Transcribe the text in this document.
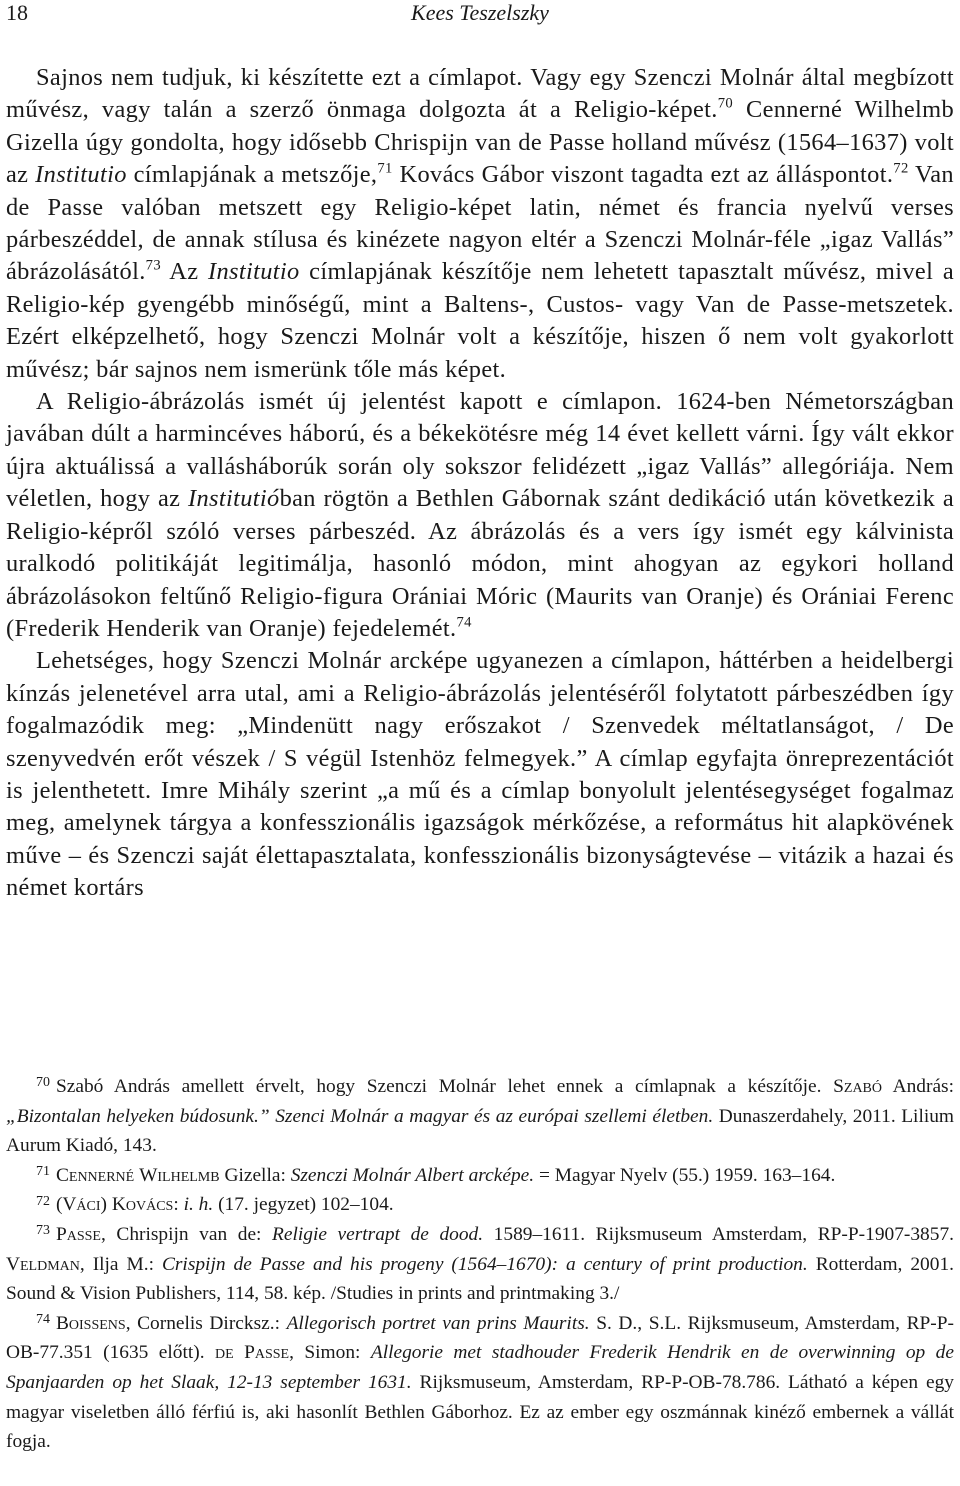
18	Kees Teszelszky

Sajnos nem tudjuk, ki készítette ezt a címlapot. Vagy egy Szenczi Molnár által megbízott művész, vagy talán a szerző önmaga dolgozta át a Religio-képet.$^{70}$ Cennerné Wilhelmb Gizella úgy gondolta, hogy idősebb Chrispijn van de Passe holland művész (1564–1637) volt az Institutio címlapjának a metszője,$^{71}$ Kovács Gábor viszont tagadta ezt az álláspontot.$^{72}$ Van de Passe valóban metszett egy Religio-képet latin, német és francia nyelvű verses párbeszéddel, de annak stílusa és kinézete nagyon eltér a Szenczi Molnár-féle „igaz Vallás” ábrázolásától.$^{73}$ Az Institutio címlapjának készítője nem lehetett tapasztalt művész, mivel a Religio-kép gyengébb minőségű, mint a Baltens-, Custos- vagy Van de Passe-metszetek. Ezért elképzelhető, hogy Szenczi Molnár volt a készítője, hiszen ő nem volt gyakorlott művész; bár sajnos nem ismerünk tőle más képet.

A Religio-ábrázolás ismét új jelentést kapott e címlapon. 1624-ben Németországban javában dúlt a harmincéves háború, és a békekötésre még 14 évet kellett várni. Így vált ekkor újra aktuálissá a vallásháborúk során oly sokszor felidézett „igaz Vallás” allegóriája. Nem véletlen, hogy az Institutióban rögtön a Bethlen Gábornak szánt dedikáció után következik a Religio-képről szóló verses párbeszéd. Az ábrázolás és a vers így ismét egy kálvinista uralkodó politikáját legitimálja, hasonló módon, mint ahogyan az egykori holland ábrázolásokon feltűnő Religio-figura Orániai Móric (Maurits van Oranje) és Orániai Ferenc (Frederik Henderik van Oranje) fejedelemét.$^{74}$

Lehetséges, hogy Szenczi Molnár arcképe ugyanezen a címlapon, háttérben a heidelbergi kínzás jelenetével arra utal, ami a Religio-ábrázolás jelentéséről folytatott párbeszédben így fogalmazódik meg: „Mindenütt nagy erőszakot / Szenvedek méltatlanságot, / De szenyvedvén erőt vészek / S végül Istenhöz felmegyek.” A címlap egyfajta önreprezentációt is jelenthetett. Imre Mihály szerint „a mű és a címlap bonyolult jelentésegységet fogalmaz meg, amelynek tárgya a konfesszionális igazságok mérkőzése, a református hit alapkövének műve – és Szenczi saját élettapasztalata, konfesszionális bizonyságtevése – vitázik a hazai és német kortárs

$^{70}$ Szabó András amellett érvelt, hogy Szenczi Molnár lehet ennek a címlapnak a készítője. Szabó András: „Bizontalan helyeken búdosunk.” Szenci Molnár a magyar és az európai szellemi életben. Dunaszerdahely, 2011. Lilium Aurum Kiadó, 143.

$^{71}$ Cennerné Wilhelmb Gizella: Szenczi Molnár Albert arcképe. = Magyar Nyelv (55.) 1959. 163–164.

$^{72}$ (Váci) Kovács: i. h. (17. jegyzet) 102–104.

$^{73}$ Passe, Chrispijn van de: Religie vertrapt de dood. 1589–1611. Rijksmuseum Amsterdam, RP-P-1907-3857. Veldman, Ilja M.: Crispijn de Passe and his progeny (1564–1670): a century of print production. Rotterdam, 2001. Sound & Vision Publishers, 114, 58. kép. /Studies in prints and printmaking 3./

$^{74}$ Boissens, Cornelis Dircksz.: Allegorisch portret van prins Maurits. S. D., S.L. Rijksmuseum, Amsterdam, RP-P-OB-77.351 (1635 előtt). de Passe, Simon: Allegorie met stadhouder Frederik Hendrik en de overwinning op de Spanjaarden op het Slaak, 12-13 september 1631. Rijksmuseum, Amsterdam, RP-P-OB-78.786. Látható a képen egy magyar viseletben álló férfiú is, aki hasonlít Bethlen Gáborhoz. Ez az ember egy oszmánnak kinéző embernek a vállát fogja.
